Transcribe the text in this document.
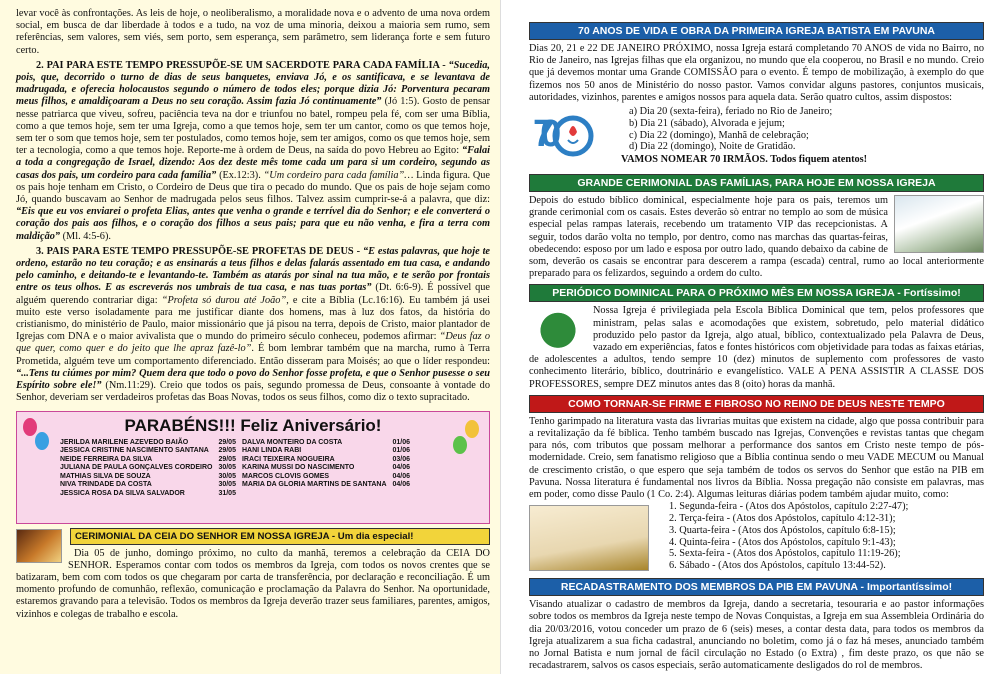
levar você às confrontações. As leis de hoje, o neoliberalismo, a moralidade nova e o advento de uma nova ordem social, em busca de dar liberdade à todos e a tudo, na voz de uma minoria, deixou a maioria sem rumo, sem referências, sem valores, sem viés, sem porto, sem esperança, sem parâmetro, sem liderança forte e sem futuro certo.

2. PAI PARA ESTE TEMPO PRESSUPÕE-SE UM SACERDOTE PARA CADA FAMÍLIA - “Sucedia, pois, que, decorrido o turno de dias de seus banquetes, enviava Jó, e os santificava, e se levantava de madrugada, e oferecia holocaustos segundo o número de todos eles; porque dizia Jó: Porventura pecaram meus filhos, e amaldiçoaram a Deus no seu coração. Assim fazia Jó continuamente” (Jó 1:5). Gosto de pensar nesse patriarca que viveu, sofreu, paciência teva na dor e triunfou no batel, rompeu pela fé, com ser uma Bíblia, como a que temos hoje, sem ter uma Igreja, como a que temos hoje, sem ter um cantor, como os que temos hoje, sem ter o som que temos hoje, sem ter postulados, como temos hoje, sem ter amigos, como os que temos hoje, sem ter a tecnologia, como a que temos hoje. Reporte-me à ordem de Deus, na saída do povo Hebreu ao Egito: “Falai a toda a congregação de Israel, dizendo: Aos dez deste mês tome cada um para si um cordeiro, segundo as casas dos pais, um cordeiro para cada família” (Ex.12:3). “Um cordeiro para cada família”… Linda figura. Que os pais hoje tenham em Cristo, o Cordeiro de Deus que tira o pecado do mundo. Que os pais de hoje sejam como Jó, quando buscavam ao Senhor de madrugada pelos seus filhos. Talvez assim cumprir-se-á a palavra, que diz: “Eis que eu vos enviarei o profeta Elias, antes que venha o grande e terrível dia do Senhor; e ele converterá o coração dos pais aos filhos, e o coração dos filhos a seus pais; para que eu não venha, e fira a terra com maldição” (Ml. 4:5-6).

3. PAIS PARA ESTE TEMPO PRESSUPÕE-SE PROFETAS DE DEUS - “E estas palavras, que hoje te ordeno, estarão no teu coração; e as ensinarás a teus filhos e delas falarás assentado em tua casa, e andando pelo caminho, e deitando-te e levantando-te. Também as atarás por sinal na tua mão, e te serão por frontais entre os teus olhos. E as escreverás nos umbrais de tua casa, e nas tuas portas” (Dt. 6:6-9). É possível que alguém querendo contrariar diga: “Profeta só durou até João”, e cite a Bíblia (Lc.16:16). Eu também já usei muito este verso isoladamente para me justificar diante dos homens, mas à luz dos fatos, da história do cristianismo, do ministério de Paulo, maior missionário que já pisou na terra, depois de Cristo, maior plantador de Igrejas com DNA e o maior avivalista que o mundo do primeiro século conheceu, podemos afirmar: “Deus faz o que quer, como quer e do jeito que lhe apraz fazê-lo”. É bom lembrar também que na marcha, rumo à Terra Prometida, alguém teve um comportamento diferenciado. Então disseram para Moisés; ao que o líder respondeu: “...Tens tu ciúmes por mim? Quem dera que todo o povo do Senhor fosse profeta, e que o Senhor pusesse o seu Espírito sobre ele!” (Nm.11:29). Creio que todos os pais, segundo promessa de Deus, consoante à vontade do Senhor, deveriam ser verdadeiros profetas das Boas Novas, todos os seus filhos, como diz o texto supracitado.

PARABÉNS!!! Feliz Aniversário!
JERILDA MARILENE AZEVEDO BAIÃO	29/05	DALVA MONTEIRO DA COSTA	01/06
JESSICA CRISTINE NASCIMENTO SANTANA	29/05	HANI LINDA RABI	01/06
NEIDE FERREIRA DA SILVA	29/05	IRACI TEIXEIRA NOGUEIRA	03/06
JULIANA DE PAULA GONÇALVES CORDEIRO	30/05	KARINA MUSSI DO NASCIMENTO	04/06
MATHIAS SILVA DE SOUZA	30/05	MARCOS CLOVIS GOMES	04/06
NIVA TRINDADE DA COSTA	30/05	MARIA DA GLORIA MARTINS DE SANTANA	04/06
JESSICA ROSA DA SILVA SALVADOR	31/05		
CERIMONIAL DA CEIA DO SENHOR EM NOSSA IGREJA - Um dia especial!

Dia 05 de junho, domingo próximo, no culto da manhã, teremos a celebração da CEIA DO SENHOR. Esperamos contar com todos os membros da Igreja, com todos os novos crentes que se batizaram, bem com com todos os que chegaram por carta de transferência, por declaração e reconciliação. É um momento profundo de comunhão, reflexão, comunicação e proclamação da Palavra do Senhor. Na oportunidade, estaremos gravando para a televisão. Todos os membros da Igreja deverão trazer seus familiares, parentes, amigos, vizinhos e colegas de trabalho e escola.

70 ANOS DE VIDA E OBRA DA PRIMEIRA IGREJA BATISTA EM PAVUNA

Dias 20, 21 e 22 DE JANEIRO PRÓXIMO, nossa Igreja estará completando 70 ANOS de vida no Bairro, no Rio de Janeiro, nas Igrejas filhas que ela organizou, no mundo que ela cooperou, no Brasil e no mundo. Creio que já devemos montar uma Grande COMISSÃO para o evento. É tempo de mobilização, à exemplo do que fizemos nos 50 anos de Ministério do nosso pastor. Vamos convidar alguns pastores, conjuntos musicais, autoridades, vizinhos, parentes e amigos nossos para aquela data. Serão quatro cultos, assim dispostos:

70
a) Dia 20 (sexta-feira), feriado no Rio de Janeiro;
b) Dia 21 (sábado), Alvorada e jejum;
c) Dia 22 (domingo), Manhã de celebração;
d) Dia 22 (domingo), Noite de Gratidão.
VAMOS NOMEAR 70 IRMÃOS. Todos fiquem atentos!
GRANDE CERIMONIAL DAS FAMÍLIAS, PARA HOJE EM NOSSA IGREJA

Depois do estudo bíblico dominical, especialmente hoje para os pais, teremos um grande cerimonial com os casais. Estes deverão sò entrar no templo ao som de música especial pelas rampas laterais, recebendo um tratamento VIP das recepcionistas. A seguir, todos darão volta no templo, por dentro, como nas marchas das quartas-feiras, obedecendo: esposo por um lado e esposa por outro lado, quando debaixo da cabine de som, deverão os casais se encontrar para descerem a rampa (escada) central, rumo ao local anteriormente preparado para os felizardos, seguindo a ordem do culto.

PERIÓDICO DOMINICAL PARA O PRÓXIMO MÊS EM NOSSA IGREJA - Fortíssimo!

Nossa Igreja é privilegiada pela Escola Bíblica Dominical que tem, pelos professores que ministram, pelas salas e acomodações que existem, sobretudo, pelo material didático produzido pelo pastor da Igreja, algo atual, bíblico, contextualizado pela Palavra de Deus, vazado em experiências, fatos e fontes históricos com objetividade para todas as faixas etárias, de adolescentes a adultos, tendo sempre 10 (dez) minutos de suplemento com professores de vasto conhecimento literário, bíblico, doutrinário e evangelístico. VALE A PENA ASSISTIR A CLASSE DOS PROFESSORES, sempre DEZ minutos antes das 8 (oito) horas da manhã.

COMO TORNAR-SE FIRME E FIBROSO NO REINO DE DEUS NESTE TEMPO

Tenho garimpado na literatura vasta das livrarias muitas que existem na cidade, algo que possa contribuir para a revitalização da fé bíblica. Tenho também buscado nas Igrejas, Convenções e revistas tantas que chegam para nós, com tributos que possam melhorar a performance dos santos em Cristo neste tempo de pós-modernidade. Creio, sem fanatismo religioso que a Bíblia continua sendo o meu VADE MECUM ou Manual de crescimento cristão, o que espero que seja também de todos os servos do Senhor que estão na PIB em Pavuna. Nossa literatura é fundamental nos livros da Bíblia. Nossa pregação não consiste em palavras, mas em poder, como disse Paulo (1 Co. 2:4). Algumas leituras diárias podem também ajudar muito, como:

1. Segunda-feira - (Atos dos Apóstolos, capítulo 2:27-47);
2. Terça-feira - (Atos dos Apóstolos, capítulo 4:12-31);
3. Quarta-feira - (Atos dos Apóstolos, capítulo 6:8-15);
4. Quinta-feira - (Atos dos Apóstolos, capítulo 9:1-43);
5. Sexta-feira - (Atos dos Apóstolos, capítulo 11:19-26);
6. Sábado - (Atos dos Apóstolos, capítulo 13:44-52).
RECADASTRAMENTO DOS MEMBROS DA PIB EM PAVUNA - Importantíssimo!

Visando atualizar o cadastro de membros da Igreja, dando a secretaria, tesouraria e ao pastor informações sobre todos os membros da Igreja neste tempo de Novas Conquistas, a Igreja em sua Assembleia Ordinária do dia 20/03/2016, votou conceder um prazo de 6 (seis) meses, a contar desta data, para todos os membros da Igreja atualizarem a sua ficha cadastral, anunciando no boletim, como já o faz há meses, anunciado também no Jornal Batista e num jornal de fácil circulação no Estado (o Extra) , fim deste prazo, os que não se recadastrarem, salvos os casos especiais, serão automaticamente desligados do rol de membros.
